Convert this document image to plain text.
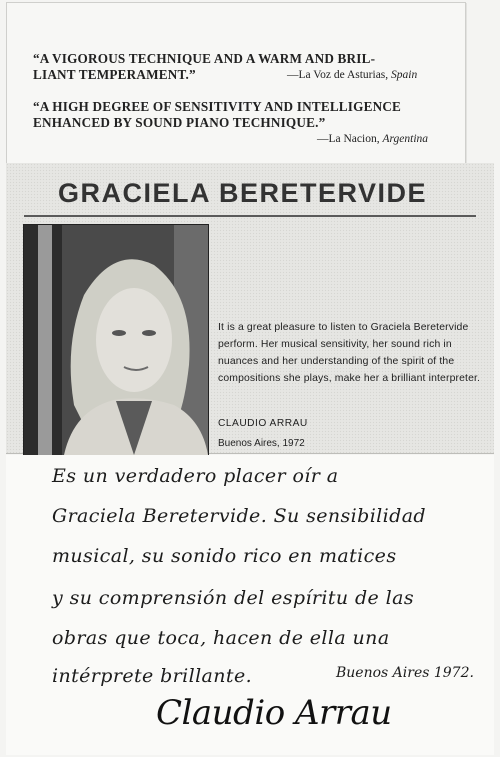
“A VIGOROUS TECHNIQUE AND A WARM AND BRIL-
LIANT TEMPERAMENT.”	—La Voz de Asturias, Spain
“A HIGH DEGREE OF SENSITIVITY AND INTELLIGENCE
ENHANCED BY SOUND PIANO TECHNIQUE.”
—La Nacion, Argentina
GRACIELA BERETERVIDE
It is a great pleasure to listen to Graciela Beretervide perform. Her musical sensitivity, her sound rich in nuances and her understanding of the spirit of the compositions she plays, make her a brilliant interpreter.
CLAUDIO ARRAU
Buenos Aires, 1972
Es un verdadero placer oír a
Graciela Beretervide. Su sensibilidad
musical, su sonido rico en matices
y su comprensión del espíritu de las
obras que toca, hacen de ella una
intérprete brillante.	Buenos Aires 1972.
Claudio Arrau
